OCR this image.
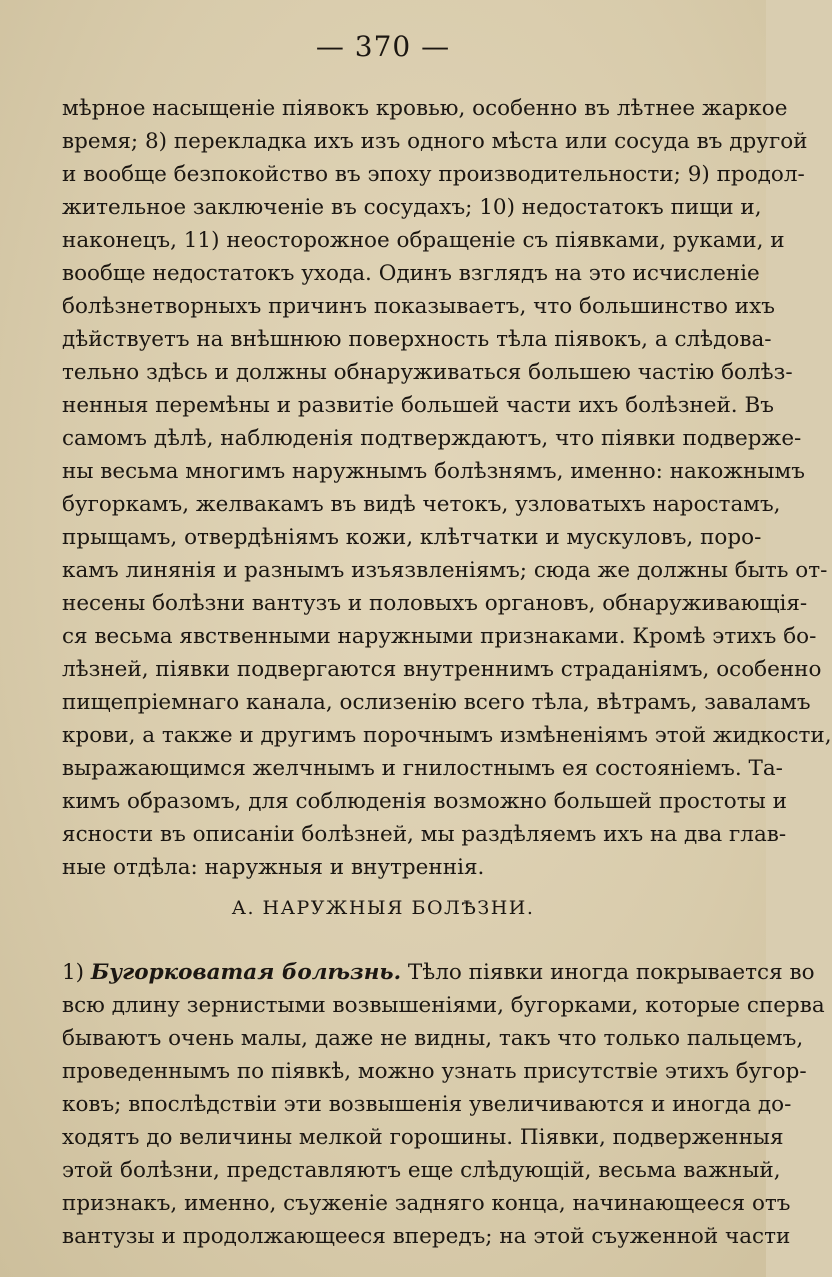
— 370 —
мѣрное насыщеніе піявокъ кровью, особенно въ лѣтнее жаркое
время; 8) перекладка ихъ изъ одного мѣста или сосуда въ другой
и вообще безпокойство въ эпоху производительности; 9) продол-
жительное заключеніе въ сосудахъ; 10) недостатокъ пищи и,
наконецъ, 11) неосторожное обращеніе съ піявками, руками, и
вообще недостатокъ ухода. Одинъ взглядъ на это исчисленіе
болѣзнетворныхъ причинъ показываетъ, что большинство ихъ
дѣйствуетъ на внѣшнюю поверхность тѣла піявокъ, а слѣдова-
тельно здѣсь и должны обнаруживаться большею частію болѣз-
ненныя перемѣны и развитіе большей части ихъ болѣзней. Въ
самомъ дѣлѣ, наблюденія подтверждаютъ, что піявки подверже-
ны весьма многимъ наружнымъ болѣзнямъ, именно: накожнымъ
бугоркамъ, желвакамъ въ видѣ четокъ, узловатыхъ наростамъ,
прыщамъ, отвердѣніямъ кожи, клѣтчатки и мускуловъ, поро-
камъ линянія и разнымъ изъязвленіямъ; сюда же должны быть от-
несены болѣзни вантузъ и половыхъ органовъ, обнаруживающія-
ся весьма явственными наружными признаками. Кромѣ этихъ бо-
лѣзней, піявки подвергаются внутреннимъ страданіямъ, особенно
пищепріемнаго канала, ослизенію всего тѣла, вѣтрамъ, заваламъ
крови, а также и другимъ порочнымъ измѣненіямъ этой жидкости,
выражающимся желчнымъ и гнилостнымъ ея состояніемъ. Та-
кимъ образомъ, для соблюденія возможно большей простоты и
ясности въ описаніи болѣзней, мы раздѣляемъ ихъ на два глав-
ные отдѣла: наружныя и внутреннія.
А. НАРУЖНЫЯ БОЛѢЗНИ.
1) Бугорковатая болѣзнь. Тѣло піявки иногда покрывается во
всю длину зернистыми возвышеніями, бугорками, которые сперва
бываютъ очень малы, даже не видны, такъ что только пальцемъ,
проведеннымъ по піявкѣ, можно узнать присутствіе этихъ бугор-
ковъ; впослѣдствіи эти возвышенія увеличиваются и иногда до-
ходятъ до величины мелкой горошины. Піявки, подверженныя
этой болѣзни, представляютъ еще слѣдующій, весьма важный,
признакъ, именно, съуженіе задняго конца, начинающееся отъ
вантузы и продолжающееся впередъ; на этой съуженной части
